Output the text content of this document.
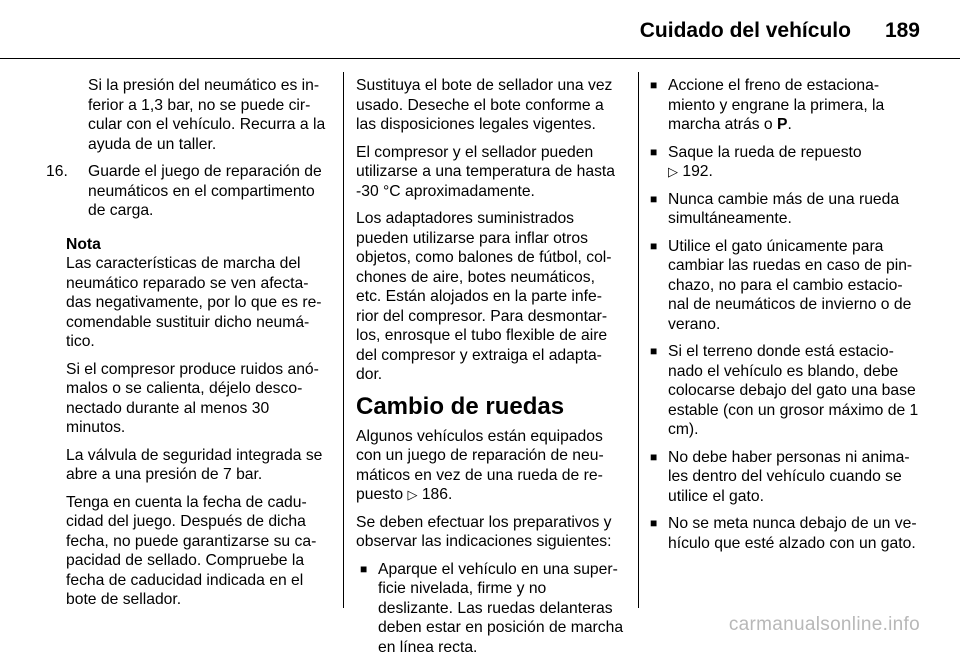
Cuidado del vehículo 189

Si la presión del neumático es in-ferior a 1,3 bar, no se puede cir-cular con el vehículo. Recurra a la ayuda de un taller.

16. Guarde el juego de reparación de neumáticos en el compartimento de carga.

Nota

Las características de marcha del neumático reparado se ven afecta-das negativamente, por lo que es re-comendable sustituir dicho neumá-tico.

Si el compresor produce ruidos anó-malos o se calienta, déjelo desco-nectado durante al menos 30 minutos.

La válvula de seguridad integrada se abre a una presión de 7 bar.

Tenga en cuenta la fecha de cadu-cidad del juego. Después de dicha fecha, no puede garantizarse su ca-pacidad de sellado. Compruebe la fecha de caducidad indicada en el bote de sellador.

Sustituya el bote de sellador una vez usado. Deseche el bote conforme a las disposiciones legales vigentes.

El compresor y el sellador pueden utilizarse a una temperatura de hasta -30 °C aproximadamente.

Los adaptadores suministrados pueden utilizarse para inflar otros objetos, como balones de fútbol, col-chones de aire, botes neumáticos, etc. Están alojados en la parte infe-rior del compresor. Para desmontar-los, enrosque el tubo flexible de aire del compresor y extraiga el adapta-dor.

Cambio de ruedas

Algunos vehículos están equipados con un juego de reparación de neu-máticos en vez de una rueda de re-puesto ▷ 186.

Se deben efectuar los preparativos y observar las indicaciones siguientes:

■ Aparque el vehículo en una super-ficie nivelada, firme y no deslizante. Las ruedas delanteras deben estar en posición de marcha en línea recta.
■ Accione el freno de estaciona-miento y engrane la primera, la marcha atrás o P.
■ Saque la rueda de repuesto
▷ 192.
■ Nunca cambie más de una rueda simultáneamente.
■ Utilice el gato únicamente para cambiar las ruedas en caso de pin-chazo, no para el cambio estacio-nal de neumáticos de invierno o de verano.
■ Si el terreno donde está estacio-nado el vehículo es blando, debe colocarse debajo del gato una base estable (con un grosor máximo de 1 cm).
■ No debe haber personas ni anima-les dentro del vehículo cuando se utilice el gato.
■ No se meta nunca debajo de un ve-hículo que esté alzado con un gato.
carmanualsonline.info
